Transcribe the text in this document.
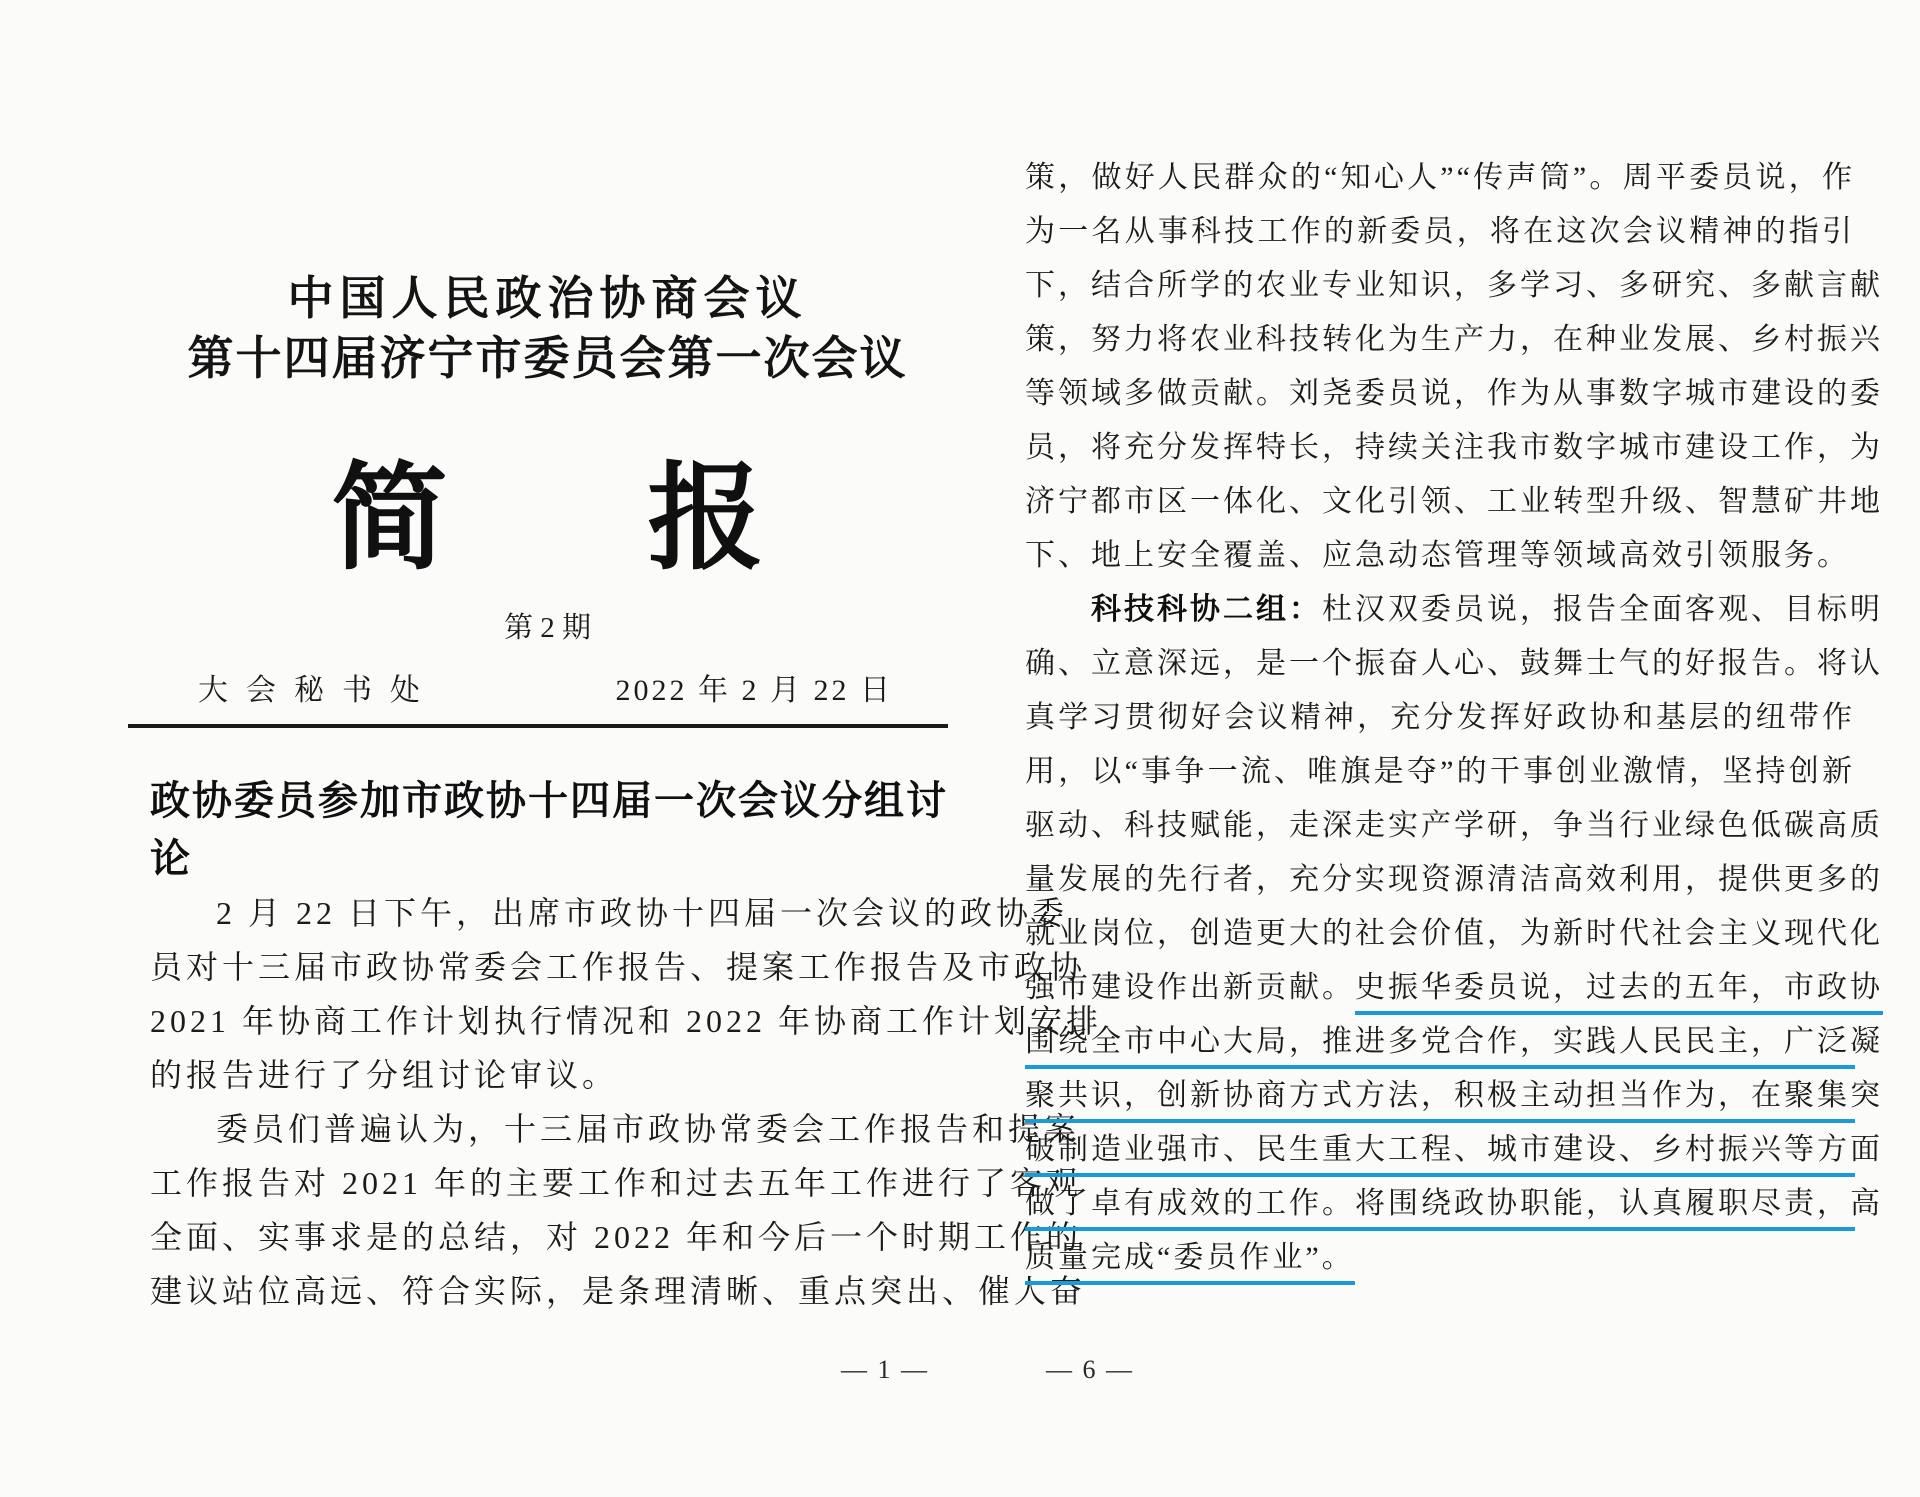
中国人民政治协商会议
第十四届济宁市委员会第一次会议
简　报
第 2 期
大会秘书处	2022 年 2 月 22 日
政协委员参加市政协十四届一次会议分组讨论
2 月 22 日下午，出席市政协十四届一次会议的政协委
员对十三届市政协常委会工作报告、提案工作报告及市政协
2021 年协商工作计划执行情况和 2022 年协商工作计划安排
的报告进行了分组讨论审议。
委员们普遍认为，十三届市政协常委会工作报告和提案
工作报告对 2021 年的主要工作和过去五年工作进行了客观
全面、实事求是的总结，对 2022 年和今后一个时期工作的
建议站位高远、符合实际，是条理清晰、重点突出、催人奋
— 1 —
策，做好人民群众的“知心人”“传声筒”。周平委员说，作
为一名从事科技工作的新委员，将在这次会议精神的指引
下，结合所学的农业专业知识，多学习、多研究、多献言献
策，努力将农业科技转化为生产力，在种业发展、乡村振兴
等领域多做贡献。刘尧委员说，作为从事数字城市建设的委
员，将充分发挥特长，持续关注我市数字城市建设工作，为
济宁都市区一体化、文化引领、工业转型升级、智慧矿井地
下、地上安全覆盖、应急动态管理等领域高效引领服务。
科技科协二组：杜汉双委员说，报告全面客观、目标明
确、立意深远，是一个振奋人心、鼓舞士气的好报告。将认
真学习贯彻好会议精神，充分发挥好政协和基层的纽带作
用，以“事争一流、唯旗是夺”的干事创业激情，坚持创新
驱动、科技赋能，走深走实产学研，争当行业绿色低碳高质
量发展的先行者，充分实现资源清洁高效利用，提供更多的
就业岗位，创造更大的社会价值，为新时代社会主义现代化
强市建设作出新贡献。史振华委员说，过去的五年，市政协
围绕全市中心大局，推进多党合作，实践人民民主，广泛凝
聚共识，创新协商方式方法，积极主动担当作为，在聚集突
破制造业强市、民生重大工程、城市建设、乡村振兴等方面
做了卓有成效的工作。将围绕政协职能，认真履职尽责，高
质量完成“委员作业”。
— 6 —
